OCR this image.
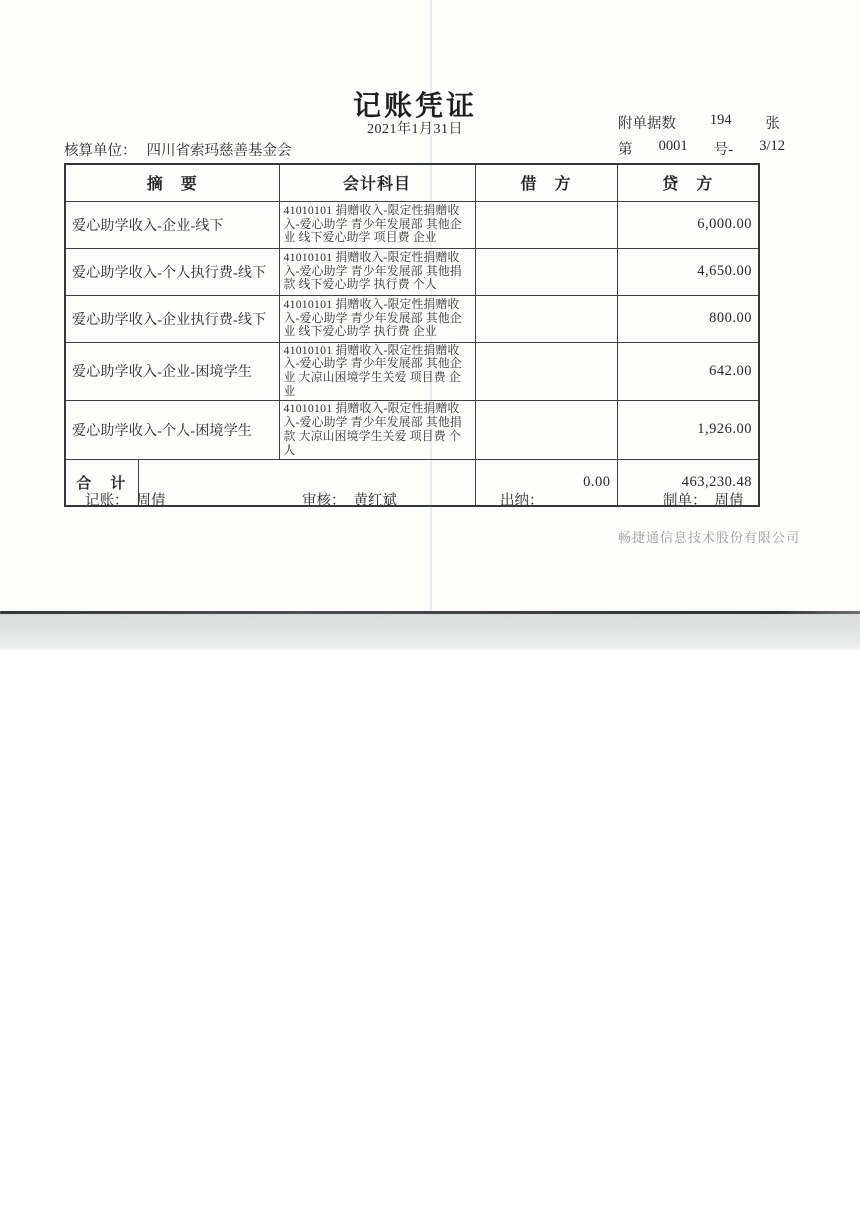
记账凭证
2021年1月31日	附单据数 194 张
第 0001 号- 3/12
核算单位： 四川省索玛慈善基金会
摘　要		会计科目	借　方	贷　方
爱心助学收入-企业-线下		41010101 捐赠收入-限定性捐赠收入-爱心助学 青少年发展部 其他企业 线下爱心助学 项目费 企业		6,000.00
爱心助学收入-个人执行费-线下		41010101 捐赠收入-限定性捐赠收入-爱心助学 青少年发展部 其他捐款 线下爱心助学 执行费 个人		4,650.00
爱心助学收入-企业执行费-线下		41010101 捐赠收入-限定性捐赠收入-爱心助学 青少年发展部 其他企业 线下爱心助学 执行费 企业		800.00
爱心助学收入-企业-困境学生		41010101 捐赠收入-限定性捐赠收入-爱心助学 青少年发展部 其他企业 大凉山困境学生关爱 项目费 企业		642.00
爱心助学收入-个人-困境学生		41010101 捐赠收入-限定性捐赠收入-爱心助学 青少年发展部 其他捐款 大凉山困境学生关爱 项目费 个人		1,926.00
合　计			0.00	463,230.48
记账： 周倩	审核： 黄红斌	出纳：	制单： 周倩
畅捷通信息技术股份有限公司
